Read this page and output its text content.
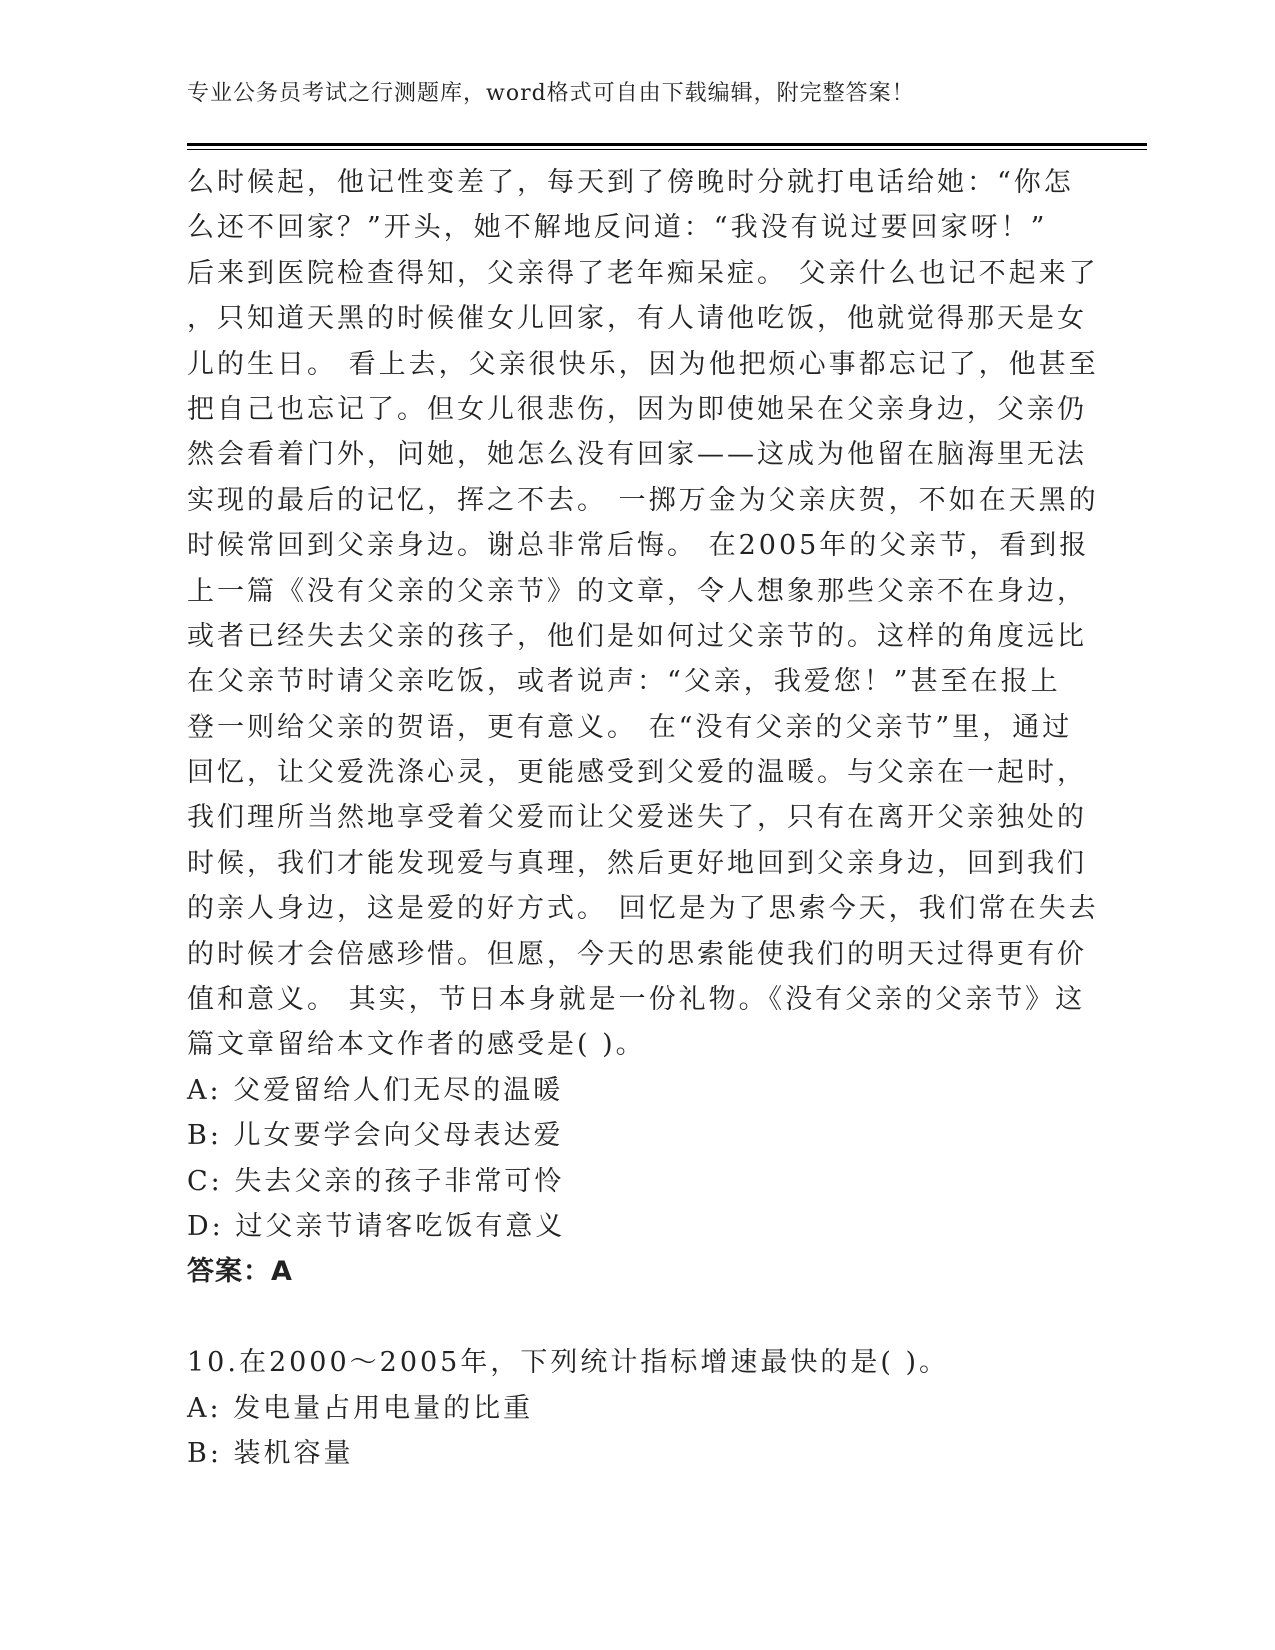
专业公务员考试之行测题库，word格式可自由下载编辑，附完整答案！
么时候起，他记性变差了，每天到了傍晚时分就打电话给她：“你怎
么还不回家？”开头，她不解地反问道：“我没有说过要回家呀！”
后来到医院检查得知，父亲得了老年痴呆症。 父亲什么也记不起来了
，只知道天黑的时候催女儿回家，有人请他吃饭，他就觉得那天是女
儿的生日。 看上去，父亲很快乐，因为他把烦心事都忘记了，他甚至
把自己也忘记了。但女儿很悲伤，因为即使她呆在父亲身边，父亲仍
然会看着门外，问她，她怎么没有回家——这成为他留在脑海里无法
实现的最后的记忆，挥之不去。 一掷万金为父亲庆贺，不如在天黑的
时候常回到父亲身边。谢总非常后悔。 在2005年的父亲节，看到报
上一篇《没有父亲的父亲节》的文章，令人想象那些父亲不在身边，
或者已经失去父亲的孩子，他们是如何过父亲节的。这样的角度远比
在父亲节时请父亲吃饭，或者说声：“父亲，我爱您！”甚至在报上
登一则给父亲的贺语，更有意义。 在“没有父亲的父亲节”里，通过
回忆，让父爱洗涤心灵，更能感受到父爱的温暖。与父亲在一起时，
我们理所当然地享受着父爱而让父爱迷失了，只有在离开父亲独处的
时候，我们才能发现爱与真理，然后更好地回到父亲身边，回到我们
的亲人身边，这是爱的好方式。 回忆是为了思索今天，我们常在失去
的时候才会倍感珍惜。但愿，今天的思索能使我们的明天过得更有价
值和意义。 其实，节日本身就是一份礼物。《没有父亲的父亲节》这
篇文章留给本文作者的感受是( )。
A: 父爱留给人们无尽的温暖
B: 儿女要学会向父母表达爱
C: 失去父亲的孩子非常可怜
D: 过父亲节请客吃饭有意义
答案：A
10.在2000～2005年，下列统计指标增速最快的是( )。
A: 发电量占用电量的比重
B: 装机容量
